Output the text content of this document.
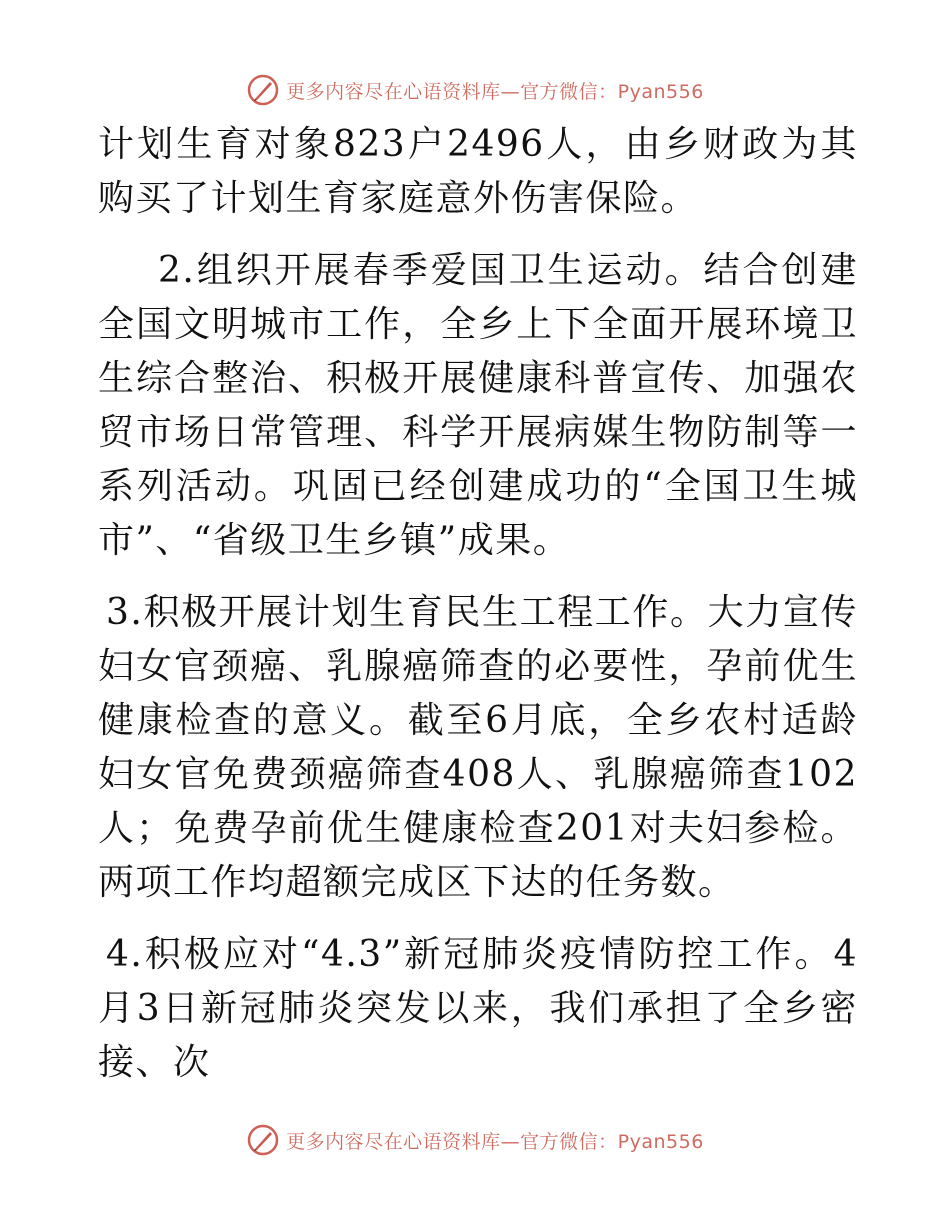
更多内容尽在心语资料库—官方微信：Pyan556

计划生育对象823户2496人，由乡财政为其购买了计划生育家庭意外伤害保险。

2.组织开展春季爱国卫生运动。结合创建全国文明城市工作，全乡上下全面开展环境卫生综合整治、积极开展健康科普宣传、加强农贸市场日常管理、科学开展病媒生物防制等一系列活动。巩固已经创建成功的“全国卫生城市”、“省级卫生乡镇”成果。

3.积极开展计划生育民生工程工作。大力宣传妇女官颈癌、乳腺癌筛查的必要性，孕前优生健康检查的意义。截至6月底，全乡农村适龄妇女官免费颈癌筛查408人、乳腺癌筛查102人；免费孕前优生健康检查201对夫妇参检。两项工作均超额完成区下达的任务数。

4.积极应对“4.3”新冠肺炎疫情防控工作。4月3日新冠肺炎突发以来，我们承担了全乡密接、次

更多内容尽在心语资料库—官方微信：Pyan556
